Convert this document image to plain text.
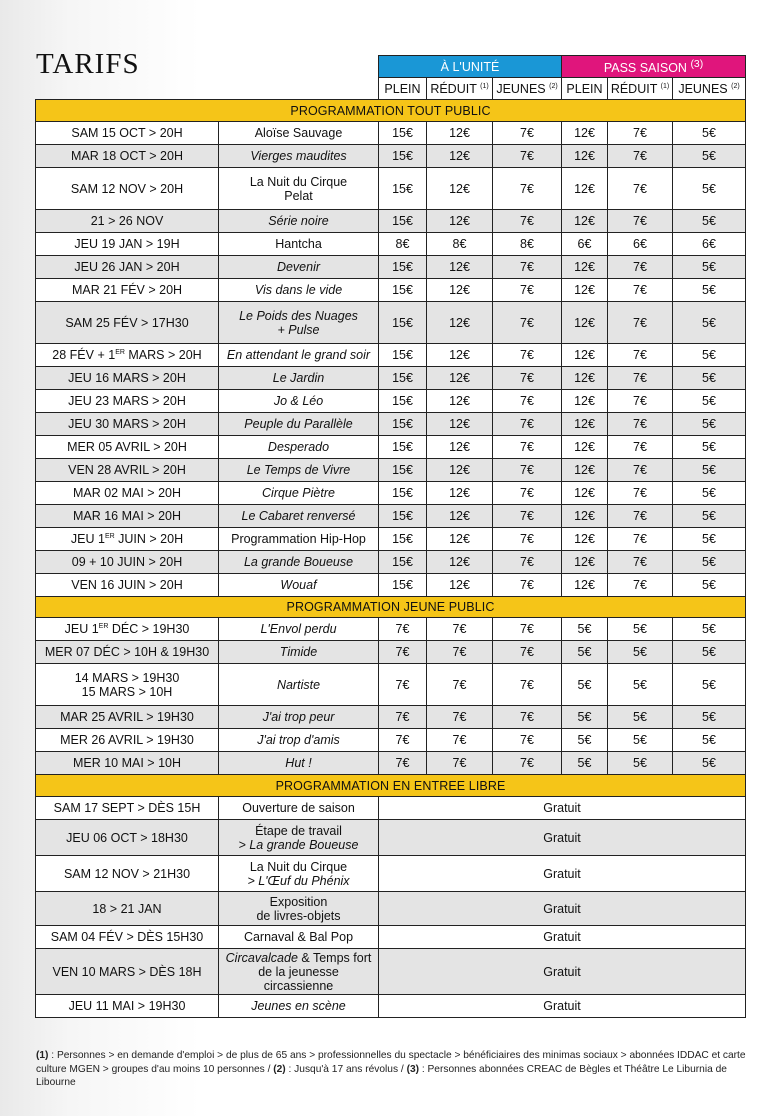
TARIFS
		À L'UNITÉ			PASS SAISON $^{(3)}$
		PLEIN	RÉDUIT $^{(1)}$	JEUNES $^{(2)}$	PLEIN	RÉDUIT $^{(1)}$	JEUNES $^{(2)}$
PROGRAMMATION TOUT PUBLIC							
SAM 15 OCT > 20H	Aloïse Sauvage	15€	12€	7€	12€	7€	5€
MAR 18 OCT > 20H	Vierges maudites	15€	12€	7€	12€	7€	5€
SAM 12 NOV > 20H	La Nuit du Cirque
Pelat	15€	12€	7€	12€	7€	5€
21 > 26 NOV	Série noire	15€	12€	7€	12€	7€	5€
JEU 19 JAN > 19H	Hantcha	8€	8€	8€	6€	6€	6€
JEU 26 JAN > 20H	Devenir	15€	12€	7€	12€	7€	5€
MAR 21 FÉV > 20H	Vis dans le vide	15€	12€	7€	12€	7€	5€
SAM 25 FÉV > 17H30	Le Poids des Nuages
+ Pulse	15€	12€	7€	12€	7€	5€
28 FÉV + 1ER MARS > 20H	En attendant le grand soir	15€	12€	7€	12€	7€	5€
JEU 16 MARS > 20H	Le Jardin	15€	12€	7€	12€	7€	5€
JEU 23 MARS > 20H	Jo & Léo	15€	12€	7€	12€	7€	5€
JEU 30 MARS > 20H	Peuple du Parallèle	15€	12€	7€	12€	7€	5€
MER 05 AVRIL > 20H	Desperado	15€	12€	7€	12€	7€	5€
VEN 28 AVRIL > 20H	Le Temps de Vivre	15€	12€	7€	12€	7€	5€
MAR 02 MAI > 20H	Cirque Piètre	15€	12€	7€	12€	7€	5€
MAR 16 MAI > 20H	Le Cabaret renversé	15€	12€	7€	12€	7€	5€
JEU 1ER JUIN > 20H	Programmation Hip-Hop	15€	12€	7€	12€	7€	5€
09 + 10 JUIN > 20H	La grande Boueuse	15€	12€	7€	12€	7€	5€
VEN 16 JUIN > 20H	Wouaf	15€	12€	7€	12€	7€	5€
PROGRAMMATION JEUNE PUBLIC							
JEU 1ER DÉC > 19H30	L'Envol perdu	7€	7€	7€	5€	5€	5€
MER 07 DÉC > 10H & 19H30	Timide	7€	7€	7€	5€	5€	5€
14 MARS > 19H30
15 MARS > 10H	Nartiste	7€	7€	7€	5€	5€	5€
MAR 25 AVRIL > 19H30	J'ai trop peur	7€	7€	7€	5€	5€	5€
MER 26 AVRIL > 19H30	J'ai trop d'amis	7€	7€	7€	5€	5€	5€
MER 10 MAI > 10H	Hut !	7€	7€	7€	5€	5€	5€
PROGRAMMATION EN ENTREE LIBRE							
SAM 17 SEPT > DÈS 15H	Ouverture de saison	Gratuit					
JEU 06 OCT > 18H30	Étape de travail
> La grande Boueuse	Gratuit					
SAM 12 NOV > 21H30	La Nuit du Cirque
> L'Œuf du Phénix	Gratuit					
18 > 21 JAN	Exposition
de livres-objets	Gratuit					
SAM 04 FÉV > DÈS 15H30	Carnaval & Bal Pop	Gratuit					
VEN 10 MARS > DÈS 18H	Circavalcade & Temps fort
de la jeunesse
circassienne	Gratuit					
JEU 11 MAI > 19H30	Jeunes en scène	Gratuit					
(1) : Personnes > en demande d'emploi > de plus de 65 ans > professionnelles du spectacle > bénéficiaires des minimas sociaux > abonnées IDDAC et carte culture MGEN > groupes d'au moins 10 personnes / (2) : Jusqu'à 17 ans révolus / (3) : Personnes abonnées CREAC de Bègles et Théâtre Le Liburnia de Libourne
